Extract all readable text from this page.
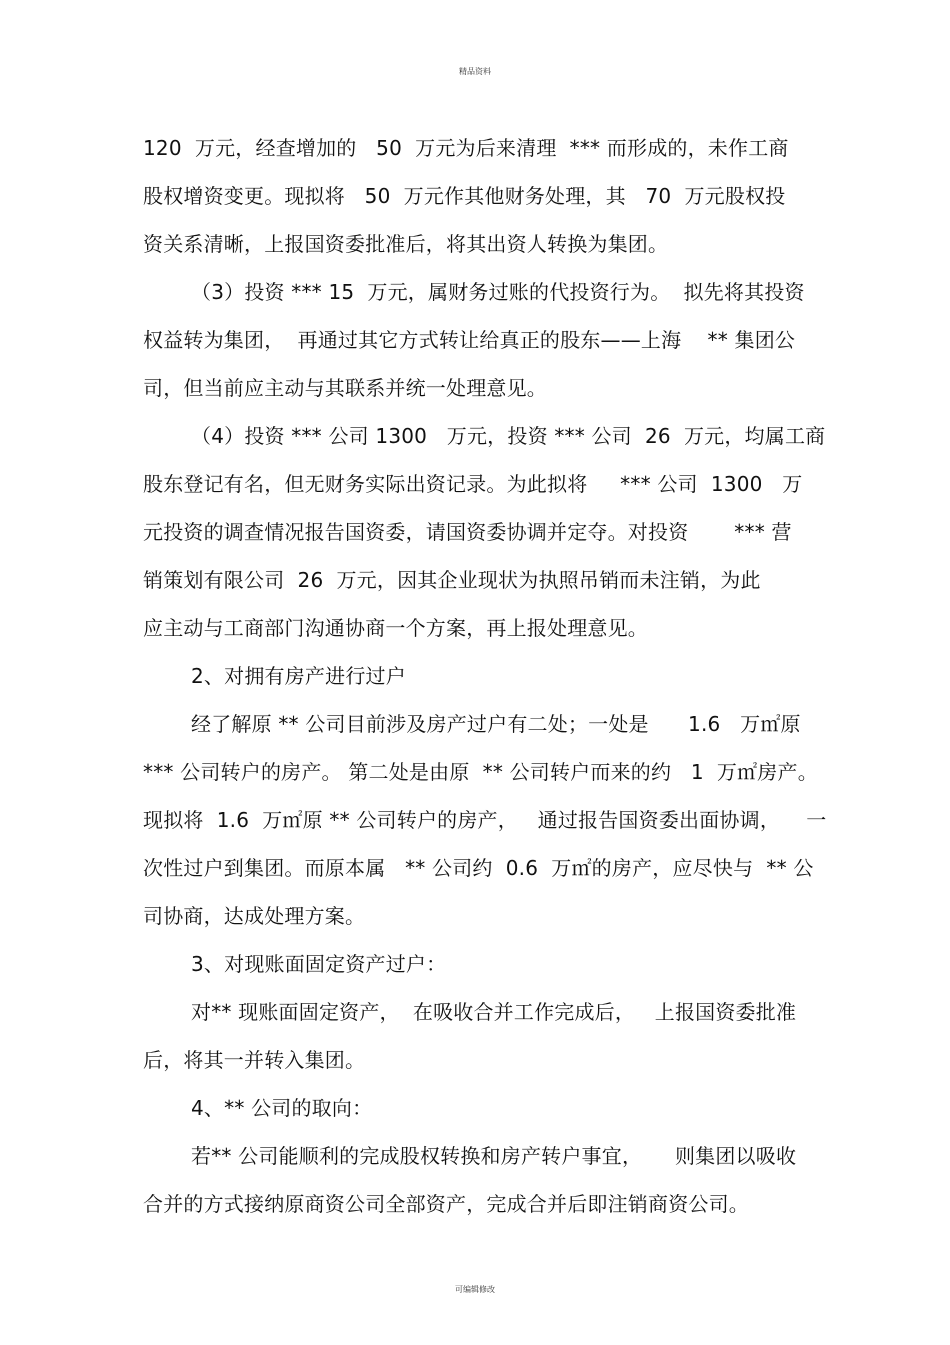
精品资料
120  万元，经查增加的   50  万元为后来清理  *** 而形成的，未作工商
股权增资变更。现拟将   50  万元作其他财务处理，其   70  万元股权投
资关系清晰，上报国资委批准后，将其出资人转换为集团。
（3）投资 *** 15  万元，属财务过账的代投资行为。  拟先将其投资
权益转为集团，  再通过其它方式转让给真正的股东——上海    ** 集团公
司，但当前应主动与其联系并统一处理意见。
（4）投资 *** 公司 1300   万元，投资 *** 公司  26  万元，均属工商
股东登记有名，但无财务实际出资记录。为此拟将     *** 公司  1300   万
元投资的调查情况报告国资委，请国资委协调并定夺。对投资       *** 营
销策划有限公司  26  万元，因其企业现状为执照吊销而未注销，为此
应主动与工商部门沟通协商一个方案，再上报处理意见。
2、对拥有房产进行过户
经了解原 ** 公司目前涉及房产过户有二处；一处是      1.6   万㎡原
*** 公司转户的房产。 第二处是由原  ** 公司转户而来的约   1  万㎡房产。
现拟将  1.6  万㎡原 ** 公司转户的房产，   通过报告国资委出面协调，    一
次性过户到集团。而原本属   ** 公司约  0.6  万㎡的房产，应尽快与  ** 公
司协商，达成处理方案。
3、对现账面固定资产过户：
对** 现账面固定资产，  在吸收合并工作完成后，   上报国资委批准
后，将其一并转入集团。
4、** 公司的取向：
若** 公司能顺利的完成股权转换和房产转户事宜，     则集团以吸收
合并的方式接纳原商资公司全部资产，完成合并后即注销商资公司。
可编辑修改
